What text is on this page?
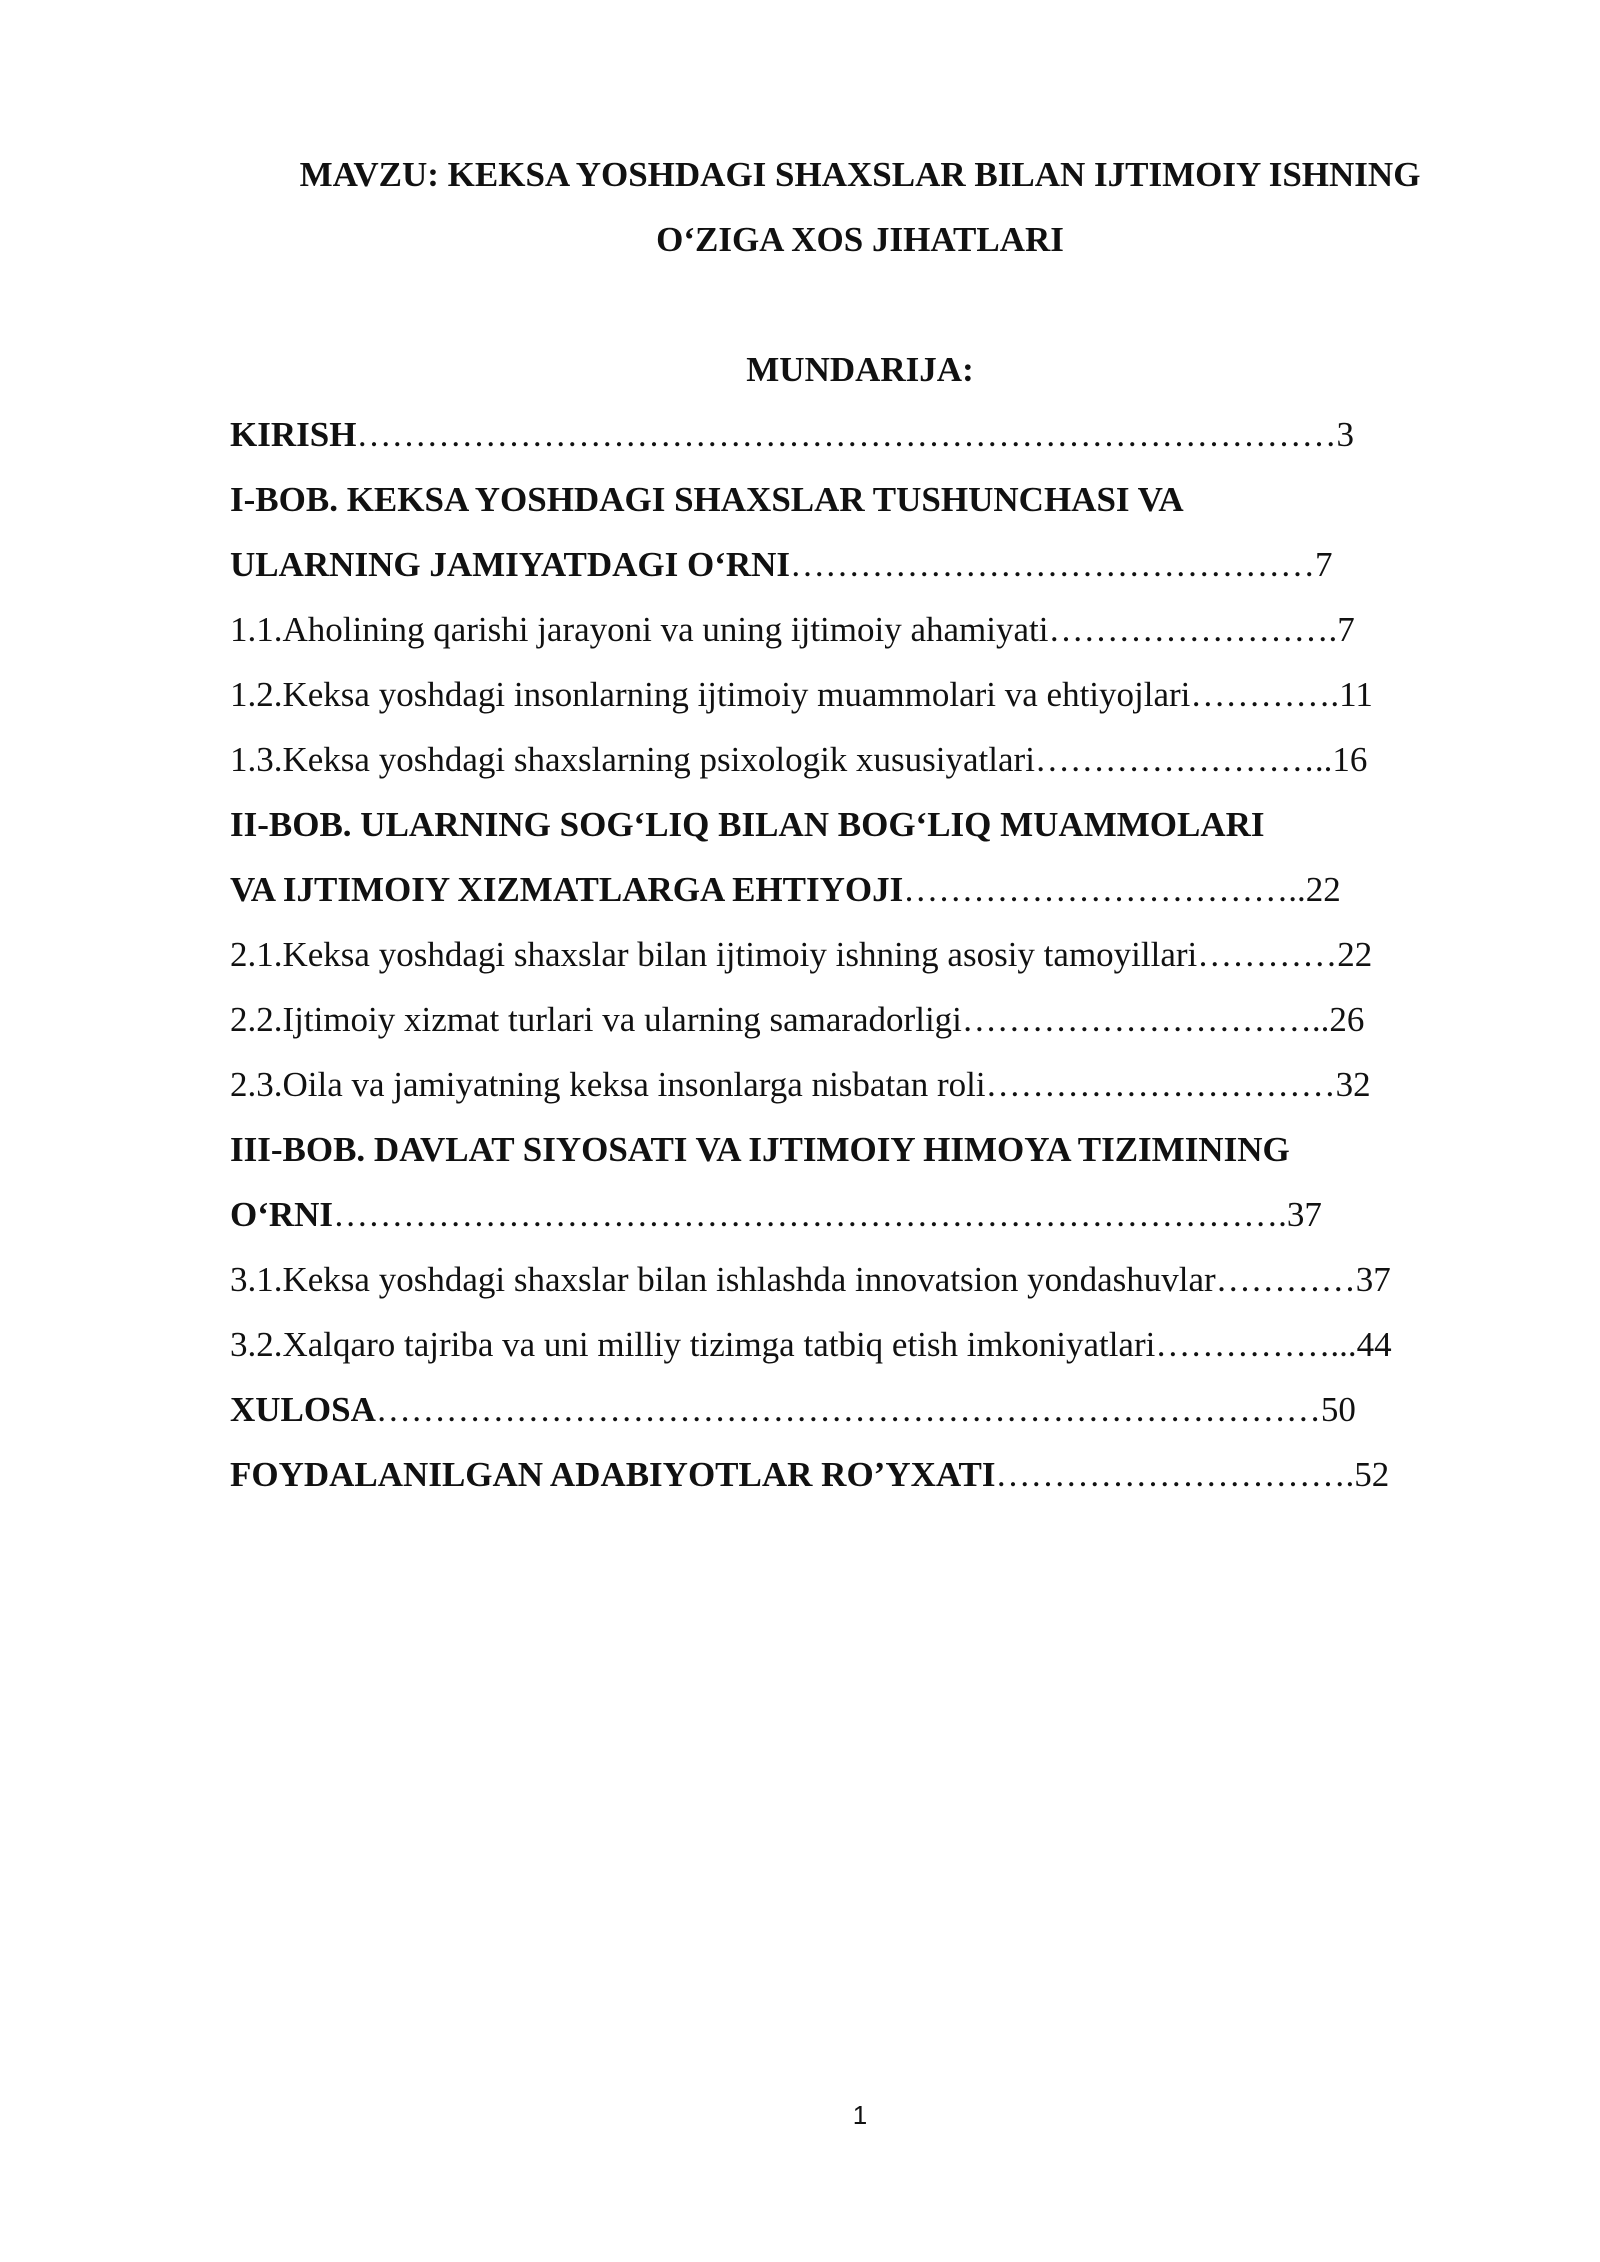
MAVZU: KEKSA YOSHDAGI SHAXSLAR BILAN IJTIMOIY ISHNING
O‘ZIGA XOS JIHATLARI
MUNDARIJA:
KIRISH…………………………………………………………………………3
I-BOB. KEKSA YOSHDAGI SHAXSLAR TUSHUNCHASI VA
ULARNING JAMIYATDAGI O‘RNI………………………………………7
1.1.Aholining qarishi jarayoni va uning ijtimoiy ahamiyati…………………….7
1.2.Keksa yoshdagi insonlarning ijtimoiy muammolari va ehtiyojlari………….11
1.3.Keksa yoshdagi shaxslarning psixologik xususiyatlari……………………..16
II-BOB. ULARNING SOG‘LIQ BILAN BOG‘LIQ MUAMMOLARI
VA IJTIMOIY XIZMATLARGA EHTIYOJI……………………………..22
2.1.Keksa yoshdagi shaxslar bilan ijtimoiy ishning asosiy tamoyillari…………22
2.2.Ijtimoiy xizmat turlari va ularning samaradorligi…………………………..26
2.3.Oila va jamiyatning keksa insonlarga nisbatan roli…………………………32
III-BOB. DAVLAT SIYOSATI VA IJTIMOIY HIMOYA TIZIMINING
O‘RNI……………………………………………………………………….37
3.1.Keksa yoshdagi shaxslar bilan ishlashda innovatsion yondashuvlar…………37
3.2.Xalqaro tajriba va uni milliy tizimga tatbiq etish imkoniyatlari……………...44
XULOSA………………………………………………………………………50
FOYDALANILGAN ADABIYOTLAR RO’YXATI………………………….52
1
